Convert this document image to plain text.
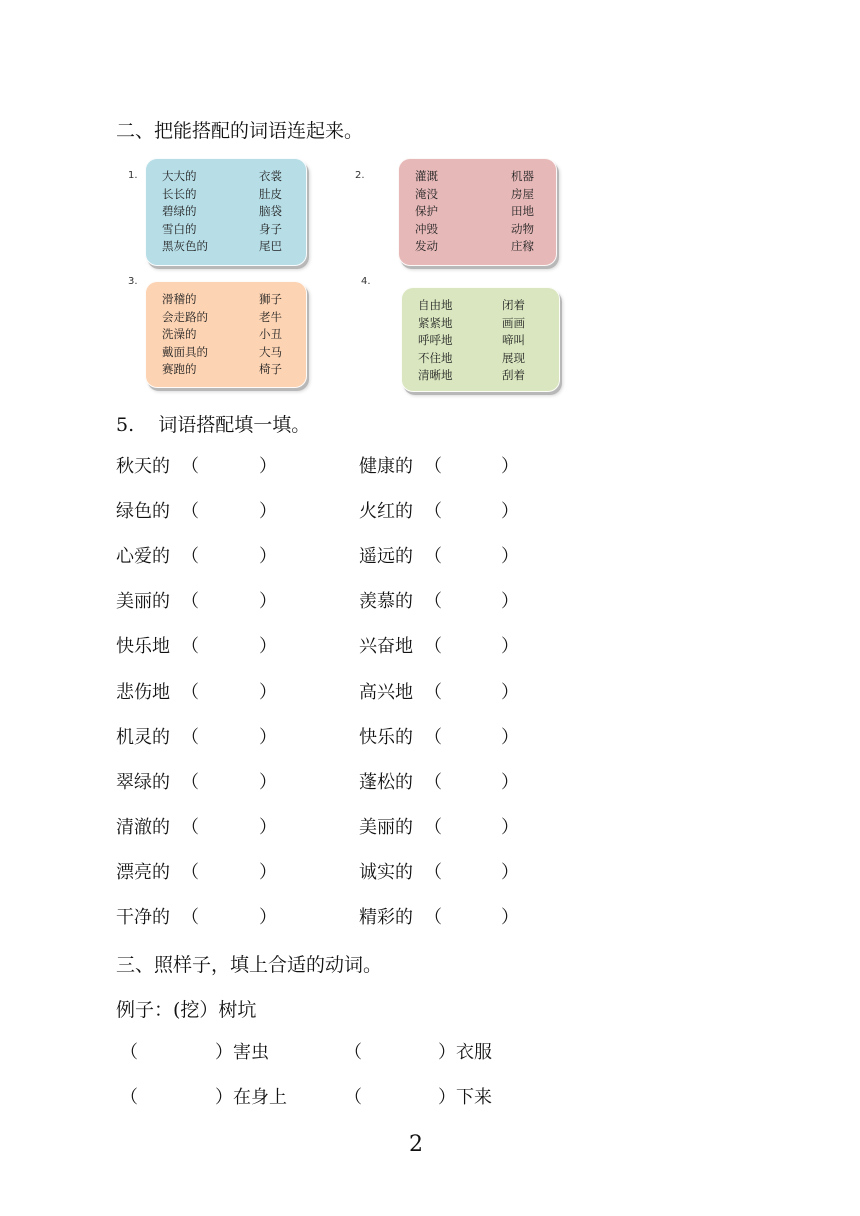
二、把能搭配的词语连起来。
1. 大大的	衣裳
长长的	肚皮
碧绿的	脑袋
雪白的	身子
黑灰色的	尾巴
2.	灌溉	机器
淹没	房屋
保护	田地
冲毁	动物
发动	庄稼
3.
滑稽的	狮子
会走路的	老牛
洗澡的	小丑
戴面具的	大马
赛跑的	椅子
4.
自由地	闭着
紧紧地	画画
呼呼地	啼叫
不住地	展现
清晰地	刮着
5.    词语搭配填一填。
秋天的 （	）	健康的 （	）
绿色的 （	）	火红的 （	）
心爱的 （	）	遥远的 （	）
美丽的 （	）	羡慕的 （	）
快乐地 （	）	兴奋地 （	）
悲伤地 （	）	高兴地 （	）
机灵的 （	）	快乐的 （	）
翠绿的 （	）	蓬松的 （	）
清澈的 （	）	美丽的 （	）
漂亮的 （	）	诚实的 （	）
干净的 （	）	精彩的 （	）
三、照样子，填上合适的动词。
例子：(挖）树坑
（	）害虫	（	）衣服
（	）在身上	（	）下来
2
